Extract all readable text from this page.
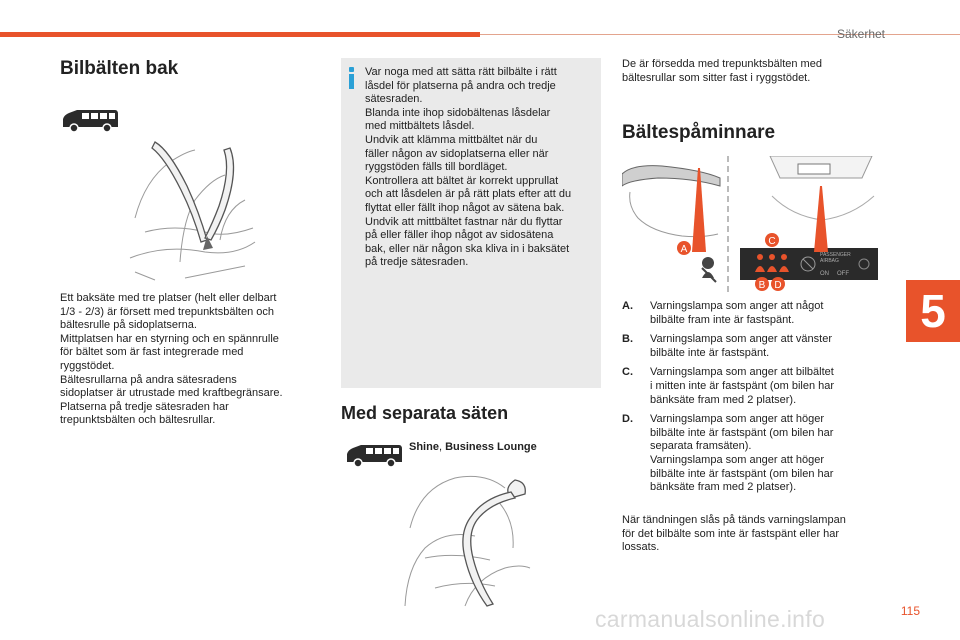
Säkerhet
5
Bilbälten bak
Ett baksäte med tre platser (helt eller delbart
1/3 - 2/3) är försett med trepunktsbälten och
bältesrulle på sidoplatserna.
Mittplatsen har en styrning och en spännrulle
för bältet som är fast integrerade med
ryggstödet.
Bältesrullarna på andra sätesradens
sidoplatser är utrustade med kraftbegränsare.
Platserna på tredje sätesraden har
trepunktsbälten och bältesrullar.
Var noga med att sätta rätt bilbälte i rätt
låsdel för platserna på andra och tredje
sätesraden.
Blanda inte ihop sidobältenas låsdelar
med mittbältets låsdel.
Undvik att klämma mittbältet när du
fäller någon av sidoplatserna eller när
ryggstöden fälls till bordläget.
Kontrollera att bältet är korrekt upprullat
och att låsdelen är på rätt plats efter att du
flyttat eller fällt ihop något av sätena bak.
Undvik att mittbältet fastnar när du flyttar
på eller fäller ihop något av sidosätena
bak, eller när någon ska kliva in i baksätet
på tredje sätesraden.
Med separata säten
Shine, Business Lounge
De är försedda med trepunktsbälten med
bältesrullar som sitter fast i ryggstödet.
Bältespåminnare
PASSENGER
AIRBAG
ON OFF
A
C
B D
A. Varningslampa som anger att något
bilbälte fram inte är fastspänt.
B. Varningslampa som anger att vänster
bilbälte inte är fastspänt.
C. Varningslampa som anger att bilbältet
i mitten inte är fastspänt (om bilen har
bänksäte fram med 2 platser).
D. Varningslampa som anger att höger
bilbälte inte är fastspänt (om bilen har
separata framsäten).
Varningslampa som anger att höger
bilbälte inte är fastspänt (om bilen har
bänksäte fram med 2 platser).
När tändningen slås på tänds varningslampan
för det bilbälte som inte är fastspänt eller har
lossats.
carmanualsonline.info	115
